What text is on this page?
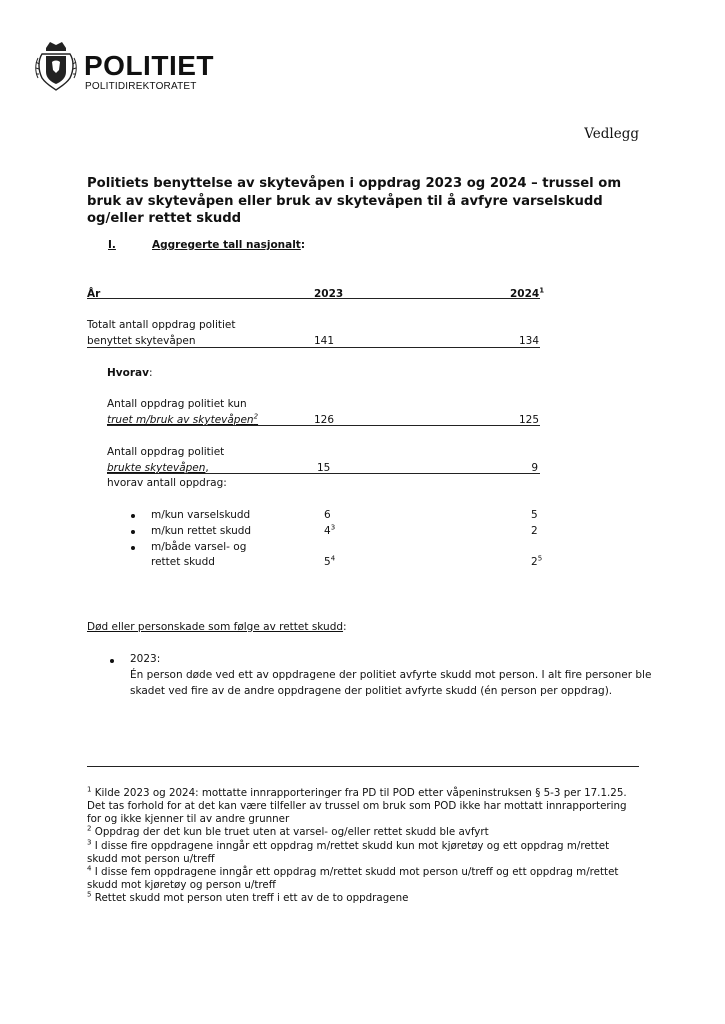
POLITIET
POLITIDIREKTORATET
Vedlegg
Politiets benyttelse av skytevåpen i oppdrag 2023 og 2024 – trussel om bruk av skytevåpen eller bruk av skytevåpen til å avfyre varselskudd og/eller rettet skudd
I.	Aggregerte tall nasjonalt:
År	2023	2024$^1$
Totalt antall oppdrag politiet
benyttet skytevåpen	141	134
Hvorav:
Antall oppdrag politiet kun
truet m/bruk av skytevåpen$^2$	126	125
Antall oppdrag politiet
brukte skytevåpen,	15	9
hvorav antall oppdrag:
m/kun varselskudd	6	5
m/kun rettet skudd	$4^3$	2
m/både varsel- og
rettet skudd	$5^4$	$2^5$
Død eller personskade som følge av rettet skudd:
2023:
Én person døde ved ett av oppdragene der politiet avfyrte skudd mot person. I alt fire personer ble
skadet ved fire av de andre oppdragene der politiet avfyrte skudd (én person per oppdrag).
$^1$ Kilde 2023 og 2024: mottatte innrapporteringer fra PD til POD etter våpeninstruksen § 5-3 per 17.1.25. Det tas forhold for at det kan være tilfeller av trussel om bruk som POD ikke har mottatt innrapportering for og ikke kjenner til av andre grunner
$^2$ Oppdrag der det kun ble truet uten at varsel- og/eller rettet skudd ble avfyrt
$^3$ I disse fire oppdragene inngår ett oppdrag m/rettet skudd kun mot kjøretøy og ett oppdrag m/rettet skudd mot person u/treff
$^4$ I disse fem oppdragene inngår ett oppdrag m/rettet skudd mot person u/treff og ett oppdrag m/rettet skudd mot kjøretøy og person u/treff
$^5$ Rettet skudd mot person uten treff i ett av de to oppdragene
